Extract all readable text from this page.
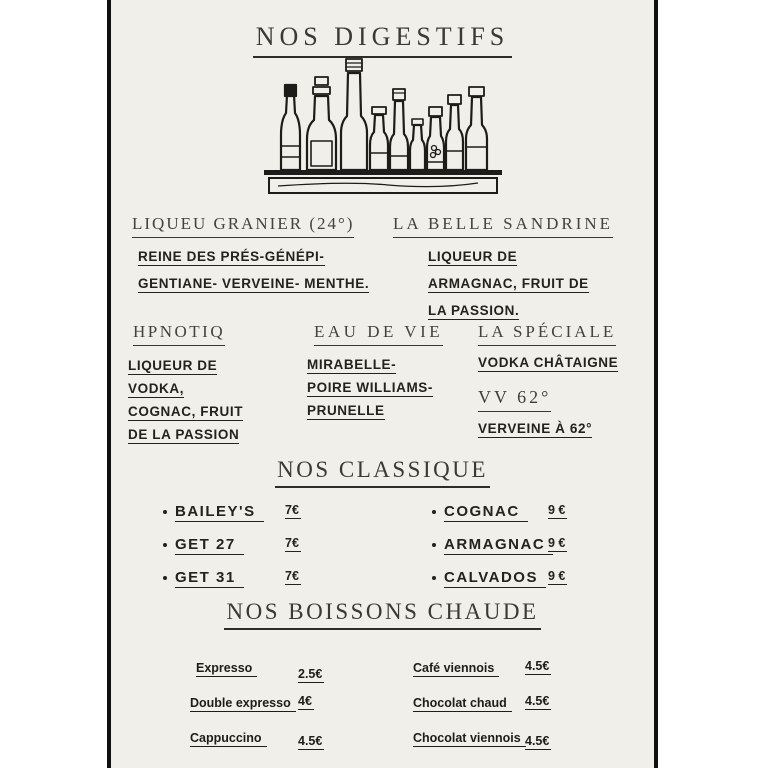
NOS DIGESTIFS
LIQUEU GRANIER (24°)

REINE DES PRÉS-GÉNÉPI-

GENTIANE- VERVEINE- MENTHE.

LA BELLE SANDRINE

LIQUEUR DE

ARMAGNAC, FRUIT DE

LA PASSION.

HPNOTIQ

LIQUEUR DE

VODKA,

COGNAC, FRUIT

DE LA PASSION

EAU DE VIE

MIRABELLE-

POIRE WILLIAMS-

PRUNELLE

LA SPÉCIALE

VODKA CHÂTAIGNE

VV 62°

VERVEINE À 62°

NOS CLASSIQUE
BAILEY'S	7€
GET 27	7€
GET 31	7€
COGNAC	9 €
ARMAGNAC 9 €
CALVADOS 9 €
NOS BOISSONS CHAUDE
Expresso	2.5€
Double expresso 4€
Cappuccino	4.5€
Café viennois	4.5€
Chocolat chaud	4.5€
Chocolat viennois 4.5€
